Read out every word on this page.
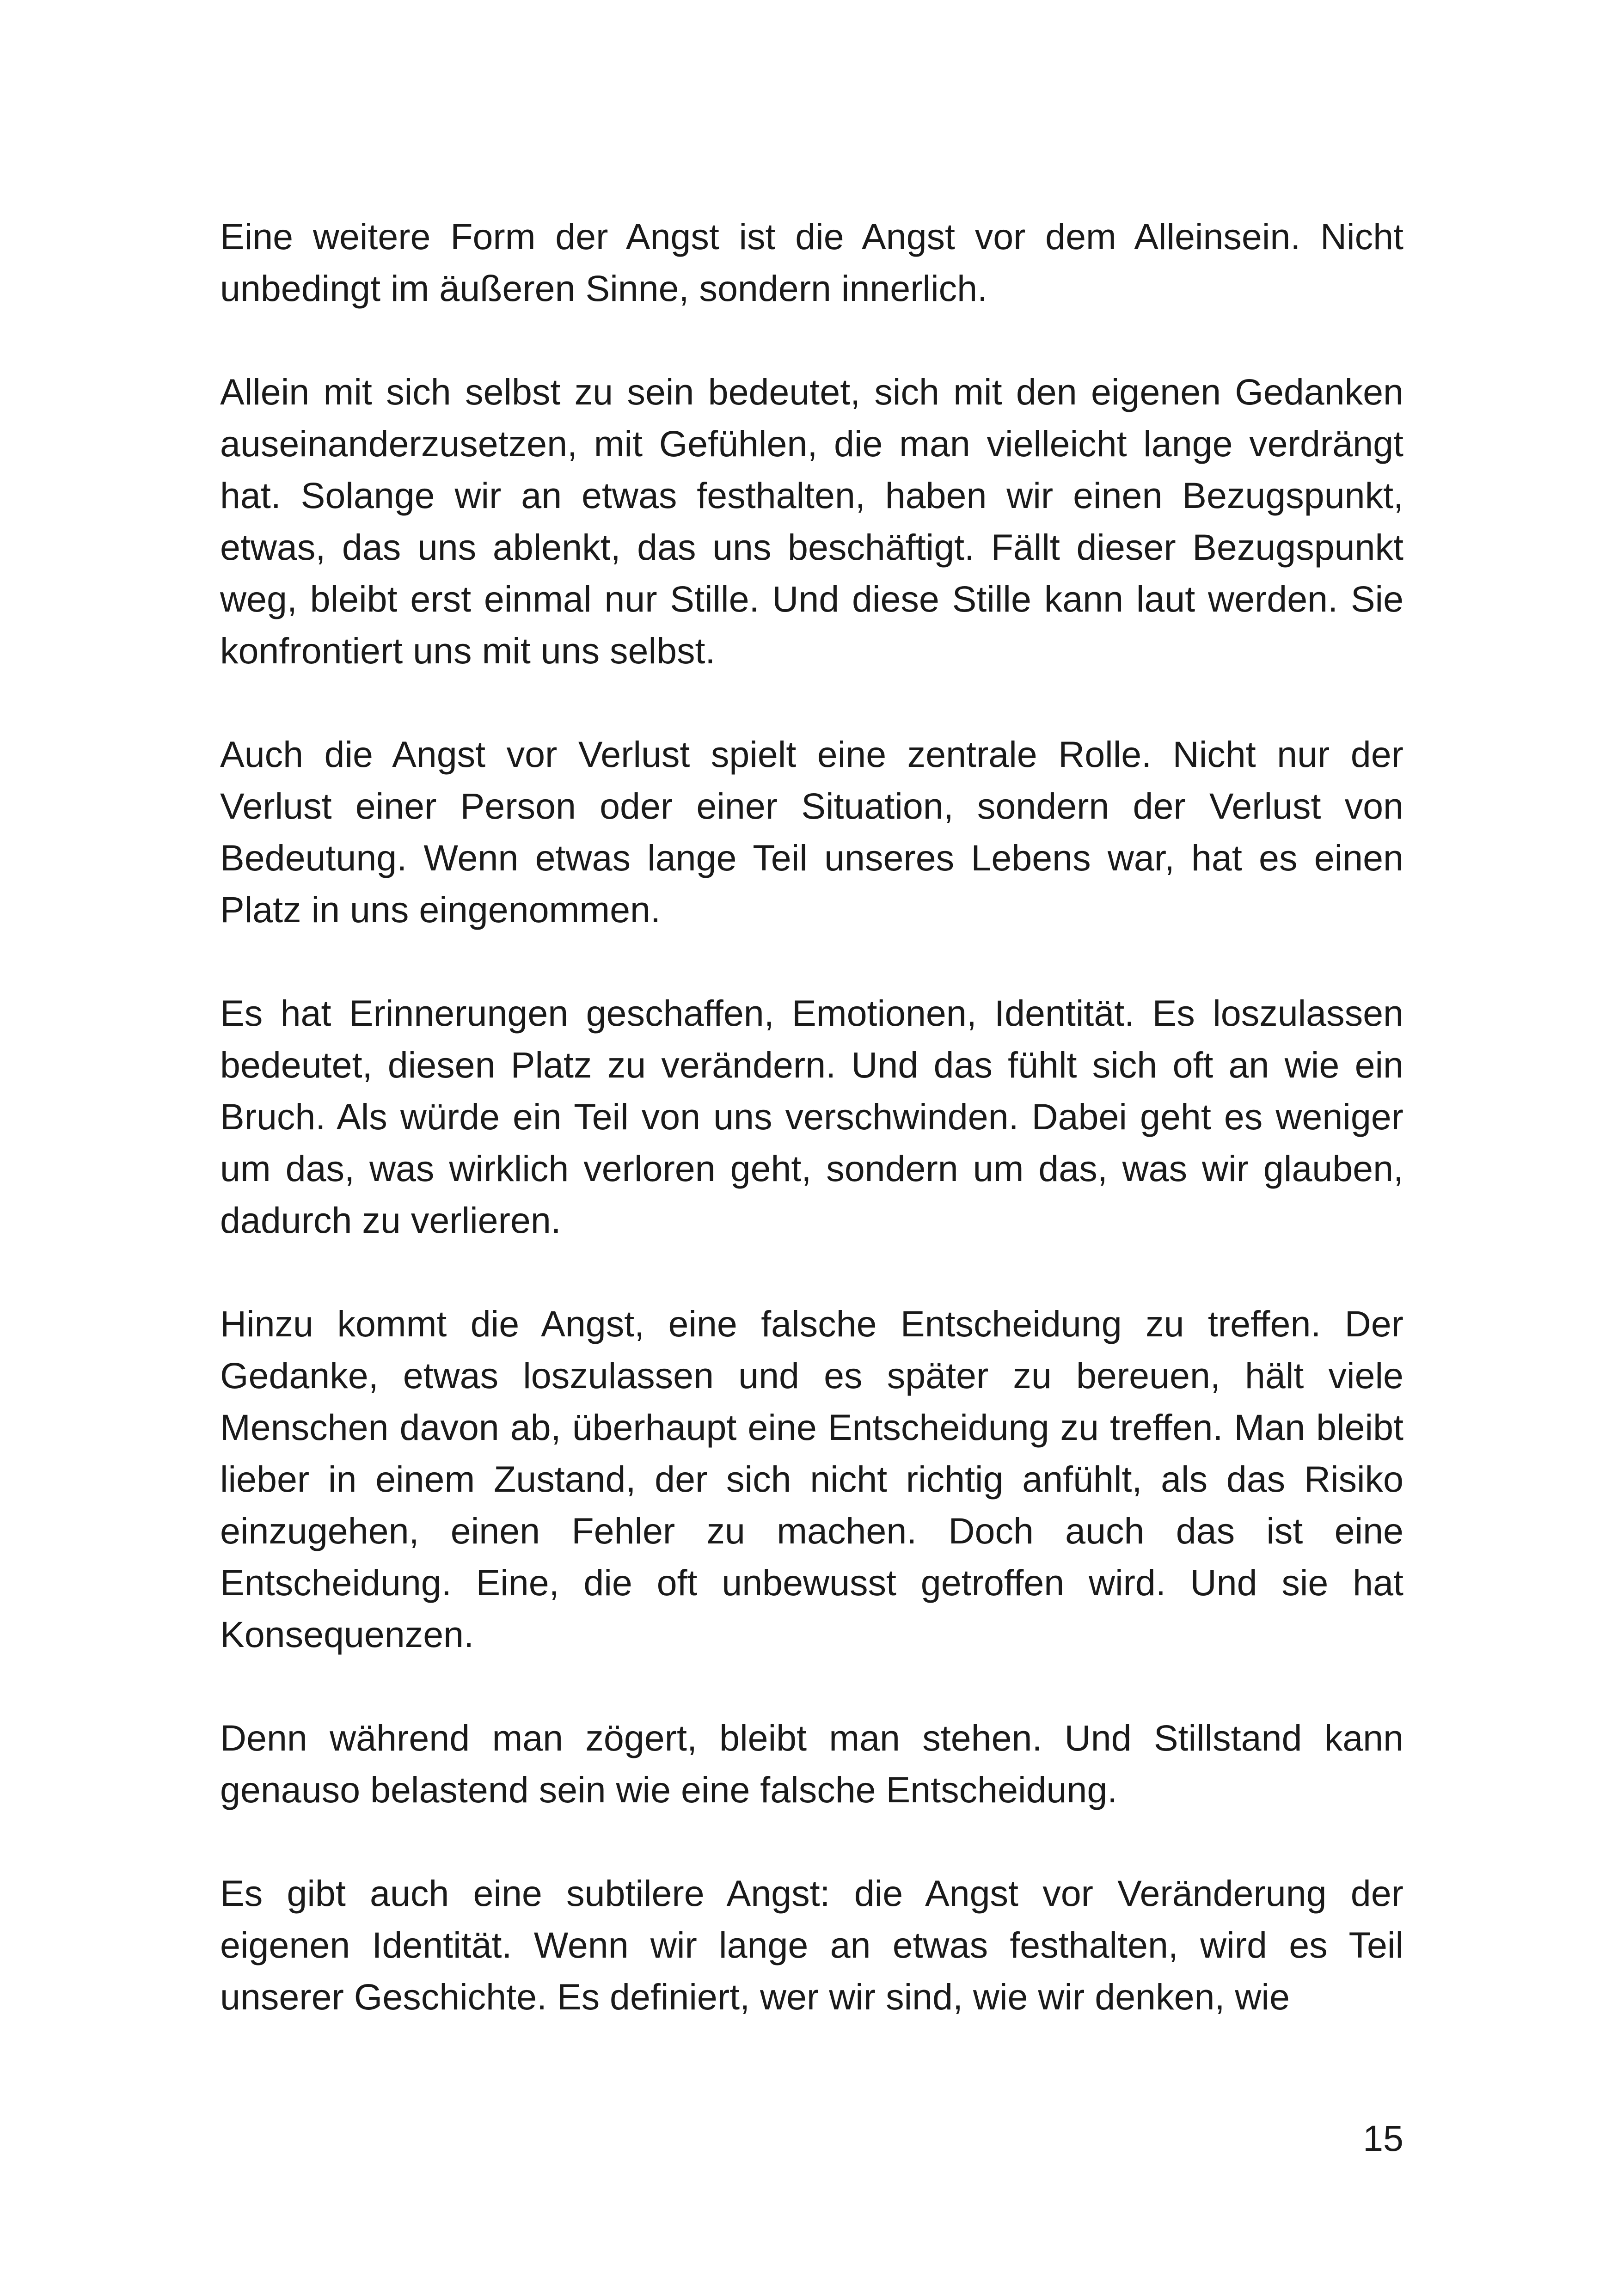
Eine weitere Form der Angst ist die Angst vor dem Alleinsein. Nicht unbedingt im äußeren Sinne, sondern innerlich.

Allein mit sich selbst zu sein bedeutet, sich mit den eigenen Gedanken auseinanderzusetzen, mit Gefühlen, die man vielleicht lange verdrängt hat. Solange wir an etwas festhalten, haben wir einen Bezugspunkt, etwas, das uns ablenkt, das uns beschäftigt. Fällt dieser Bezugspunkt weg, bleibt erst einmal nur Stille. Und diese Stille kann laut werden. Sie konfrontiert uns mit uns selbst.

Auch die Angst vor Verlust spielt eine zentrale Rolle. Nicht nur der Verlust einer Person oder einer Situation, sondern der Verlust von Bedeutung. Wenn etwas lange Teil unseres Lebens war, hat es einen Platz in uns eingenommen.

Es hat Erinnerungen geschaffen, Emotionen, Identität. Es loszulassen bedeutet, diesen Platz zu verändern. Und das fühlt sich oft an wie ein Bruch. Als würde ein Teil von uns verschwinden. Dabei geht es weniger um das, was wirklich verloren geht, sondern um das, was wir glauben, dadurch zu verlieren.

Hinzu kommt die Angst, eine falsche Entscheidung zu treffen. Der Gedanke, etwas loszulassen und es später zu bereuen, hält viele Menschen davon ab, überhaupt eine Entscheidung zu treffen. Man bleibt lieber in einem Zustand, der sich nicht richtig anfühlt, als das Risiko einzugehen, einen Fehler zu machen. Doch auch das ist eine Entscheidung. Eine, die oft unbewusst getroffen wird. Und sie hat Konsequenzen.

Denn während man zögert, bleibt man stehen. Und Stillstand kann genauso belastend sein wie eine falsche Entscheidung.

Es gibt auch eine subtilere Angst: die Angst vor Veränderung der eigenen Identität. Wenn wir lange an etwas festhalten, wird es Teil unserer Geschichte. Es definiert, wer wir sind, wie wir denken, wie

15
